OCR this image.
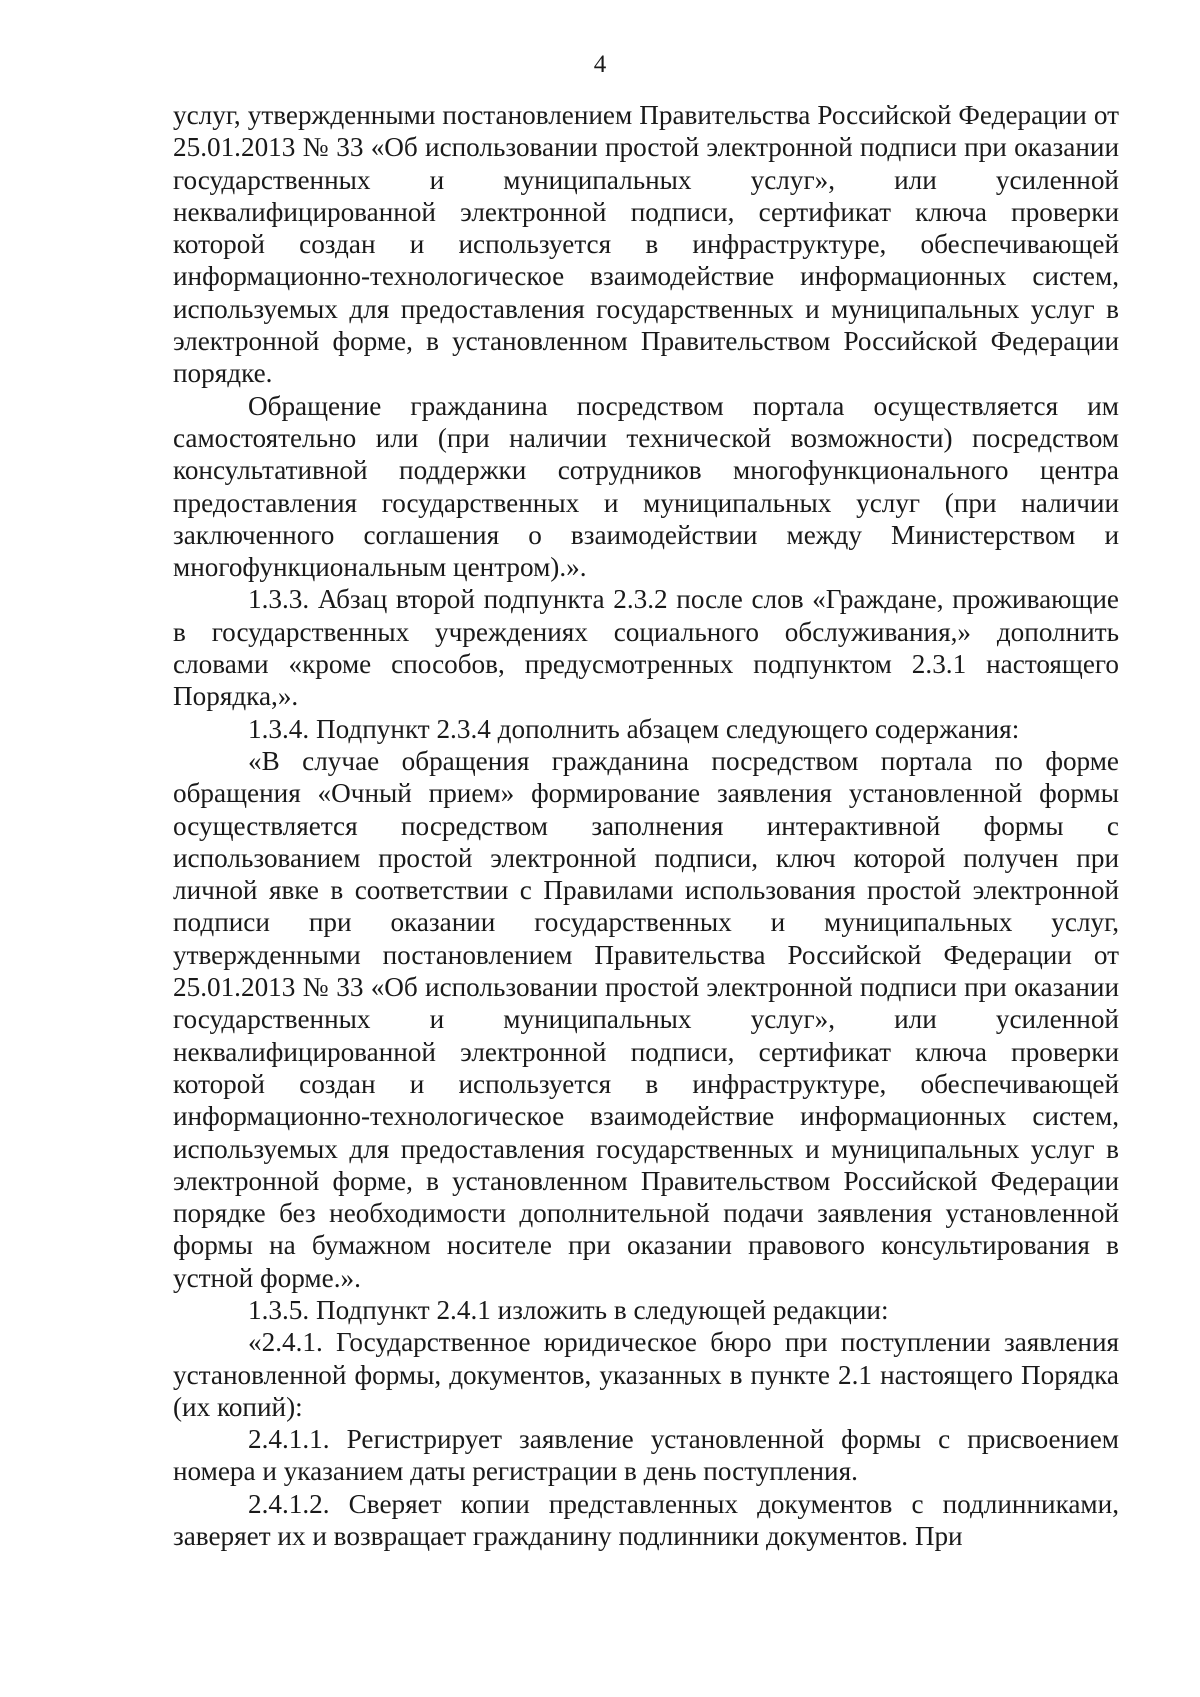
4

услуг, утвержденными постановлением Правительства Российской Федерации от 25.01.2013 № 33 «Об использовании простой электронной подписи при оказании государственных и муниципальных услуг», или усиленной неквалифицированной электронной подписи, сертификат ключа проверки которой создан и используется в инфраструктуре, обеспечивающей информационно-технологическое взаимодействие информационных систем, используемых для предоставления государственных и муниципальных услуг в электронной форме, в установленном Правительством Российской Федерации порядке.

Обращение гражданина посредством портала осуществляется им самостоятельно или (при наличии технической возможности) посредством консультативной поддержки сотрудников многофункционального центра предоставления государственных и муниципальных услуг (при наличии заключенного соглашения о взаимодействии между Министерством и многофункциональным центром).».

1.3.3. Абзац второй подпункта 2.3.2 после слов «Граждане, проживающие в государственных учреждениях социального обслуживания,» дополнить словами «кроме способов, предусмотренных подпунктом 2.3.1 настоящего Порядка,».

1.3.4. Подпункт 2.3.4 дополнить абзацем следующего содержания:

«В случае обращения гражданина посредством портала по форме обращения «Очный прием» формирование заявления установленной формы осуществляется посредством заполнения интерактивной формы с использованием простой электронной подписи, ключ которой получен при личной явке в соответствии с Правилами использования простой электронной подписи при оказании государственных и муниципальных услуг, утвержденными постановлением Правительства Российской Федерации от 25.01.2013 № 33 «Об использовании простой электронной подписи при оказании государственных и муниципальных услуг», или усиленной неквалифицированной электронной подписи, сертификат ключа проверки которой создан и используется в инфраструктуре, обеспечивающей информационно-технологическое взаимодействие информационных систем, используемых для предоставления государственных и муниципальных услуг в электронной форме, в установленном Правительством Российской Федерации порядке без необходимости дополнительной подачи заявления установленной формы на бумажном носителе при оказании правового консультирования в устной форме.».

1.3.5. Подпункт 2.4.1 изложить в следующей редакции:

«2.4.1. Государственное юридическое бюро при поступлении заявления установленной формы, документов, указанных в пункте 2.1 настоящего Порядка (их копий):

2.4.1.1. Регистрирует заявление установленной формы с присвоением номера и указанием даты регистрации в день поступления.

2.4.1.2. Сверяет копии представленных документов с подлинниками, заверяет их и возвращает гражданину подлинники документов. При
